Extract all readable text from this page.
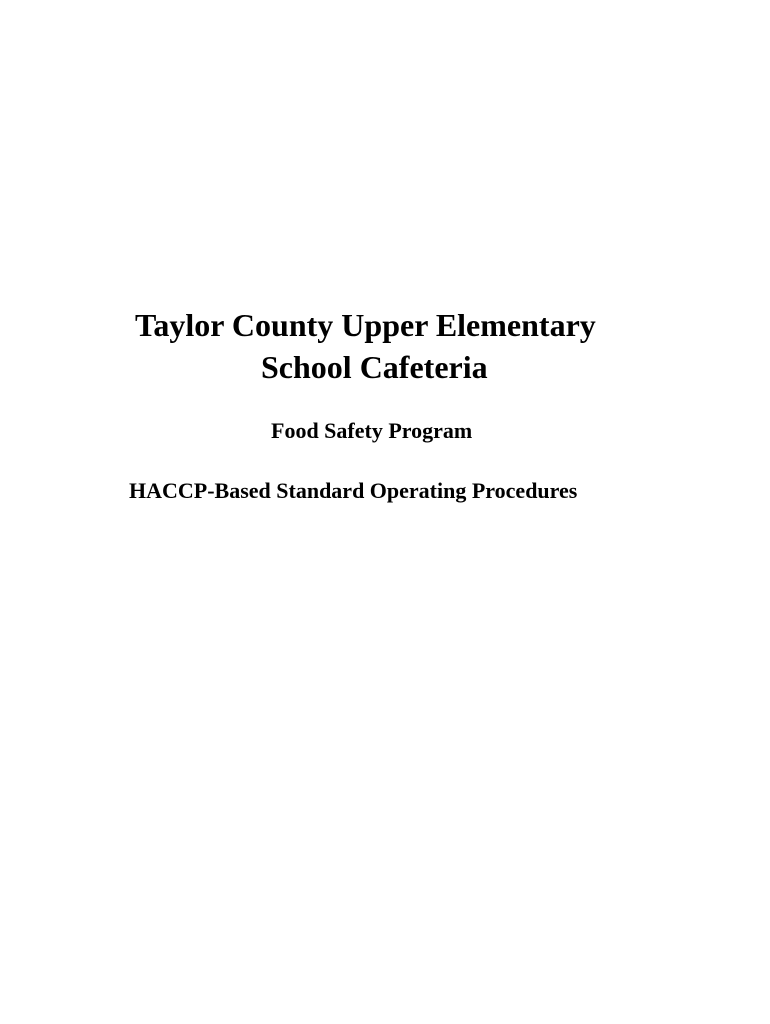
Taylor County Upper Elementary
School Cafeteria
Food Safety Program
HACCP-Based Standard Operating Procedures
